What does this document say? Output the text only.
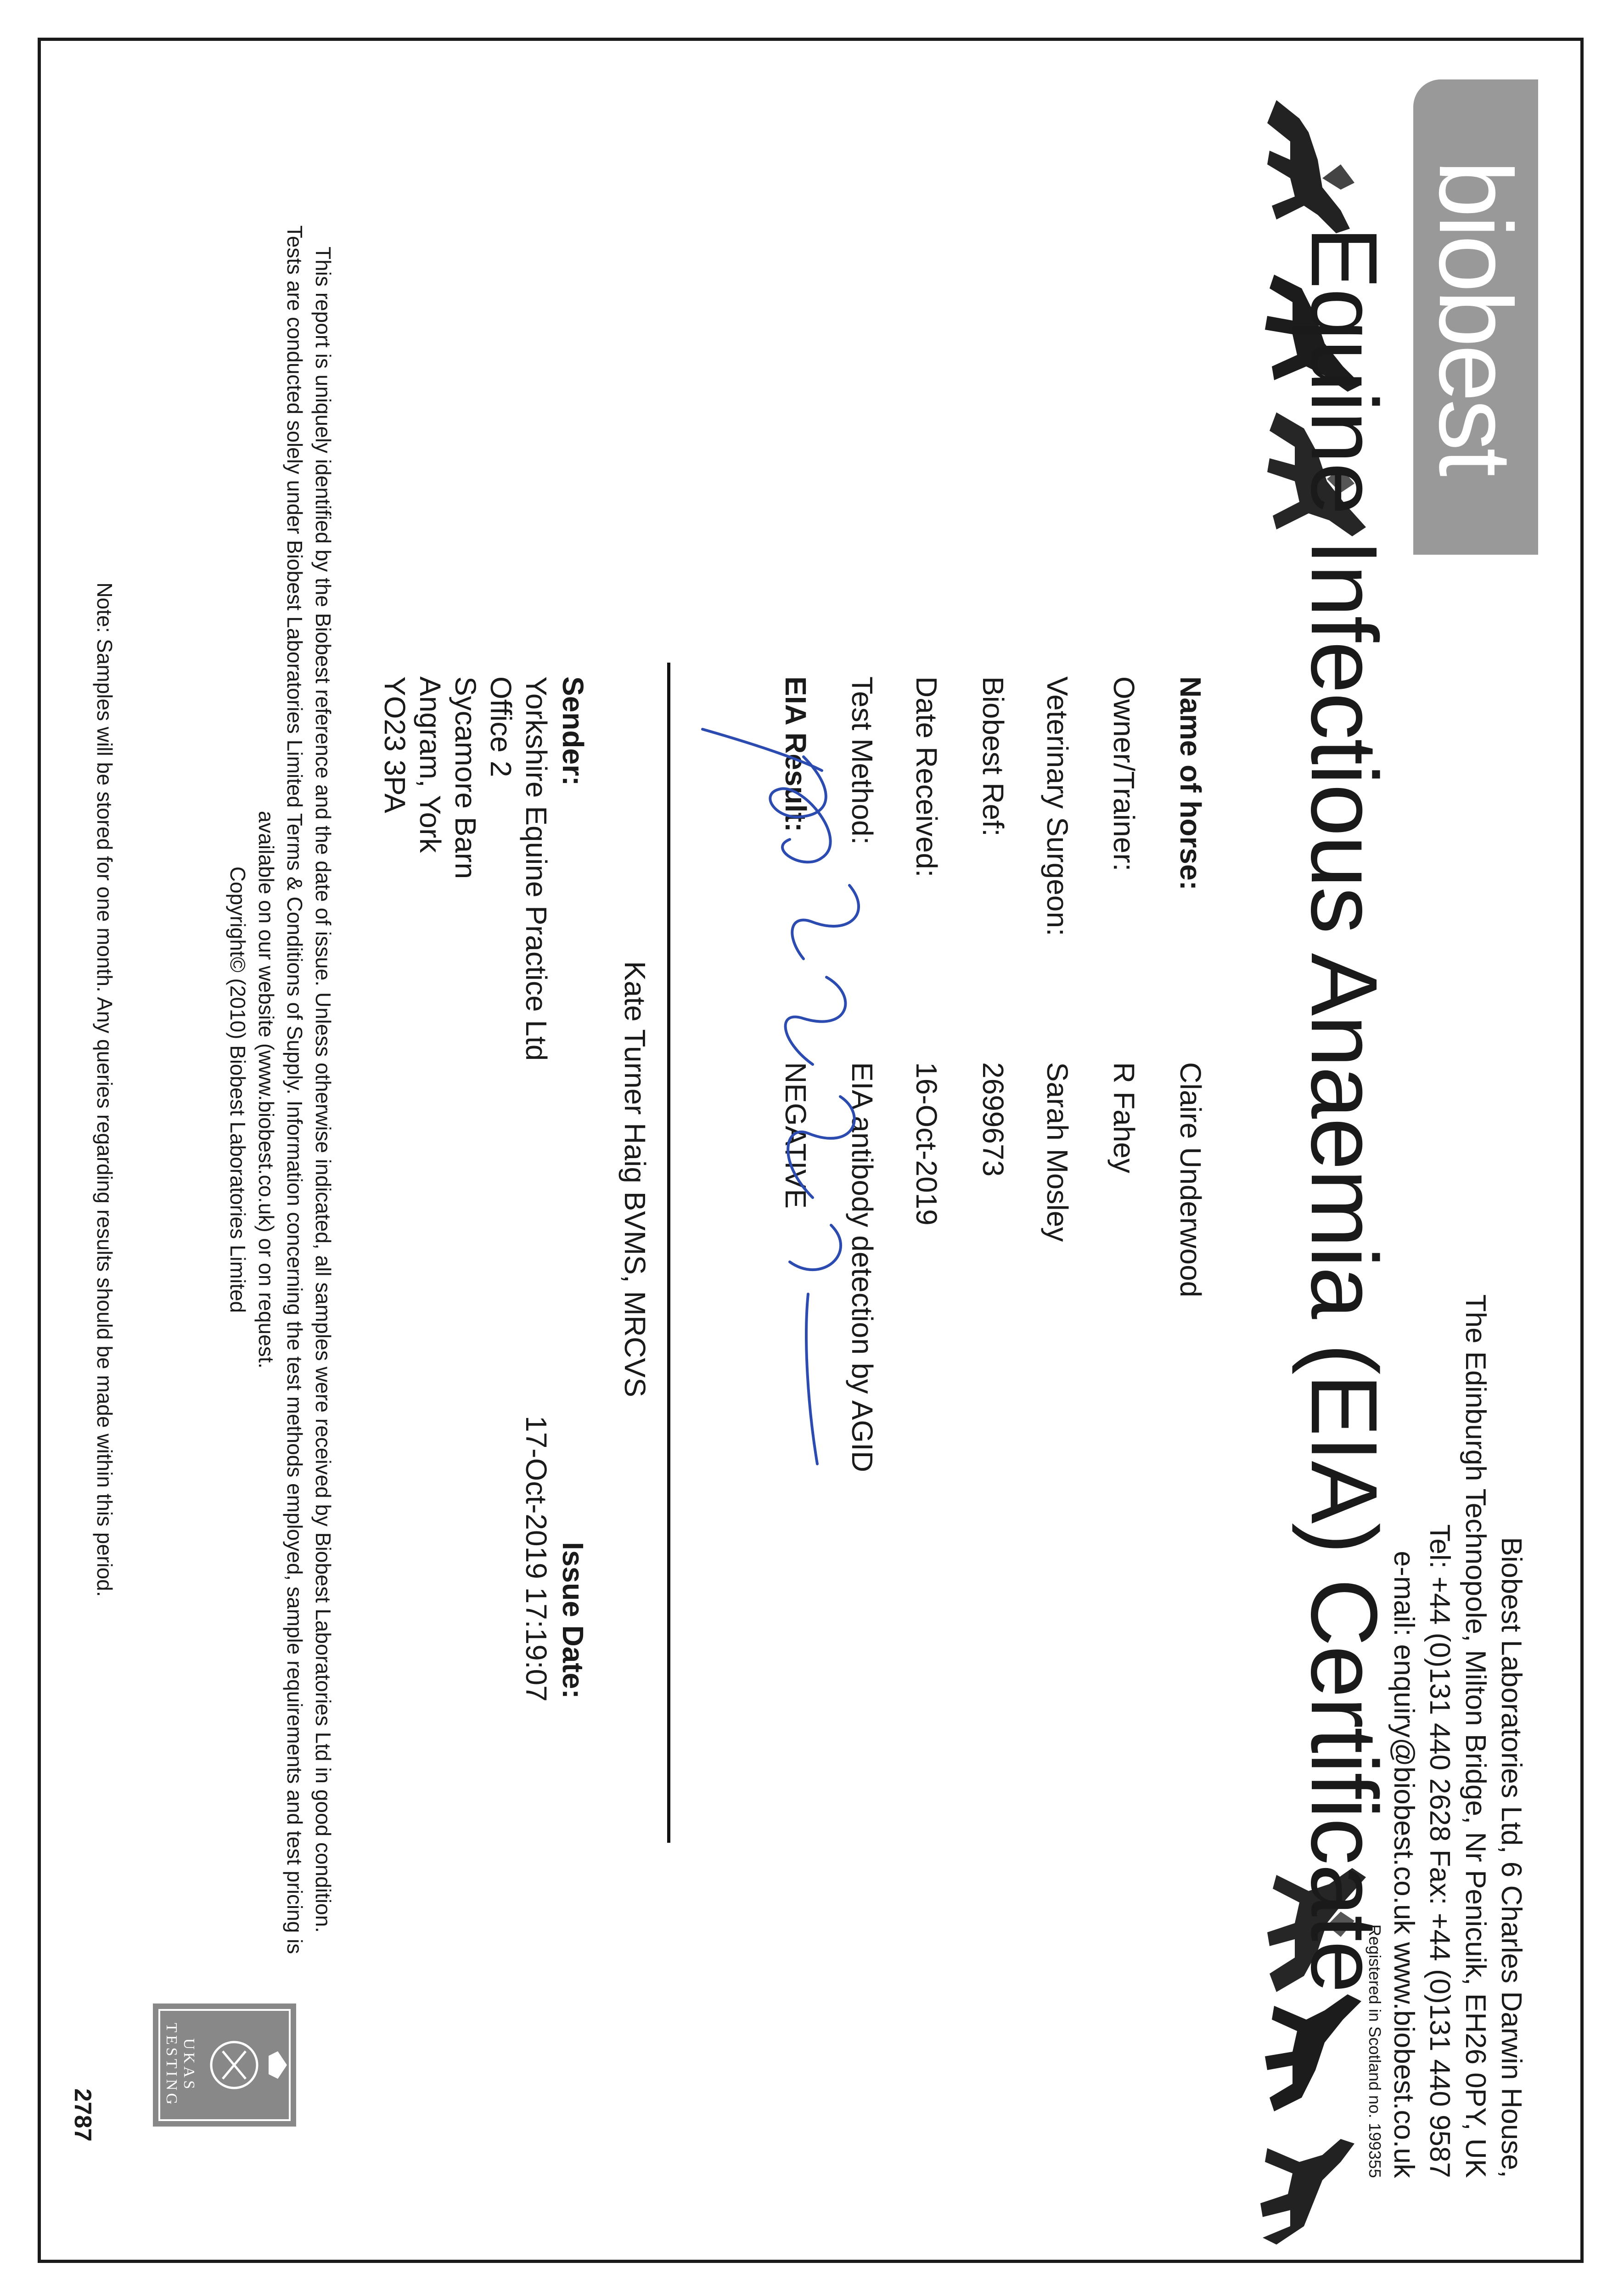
biobest
Equine Infectious Anaemia (EIA) Certificate	Biobest Laboratories Ltd, 6 Charles Darwin House,
The Edinburgh Technopole, Milton Bridge, Nr Penicuik, EH26 0PY, UK
Tel: +44 (0)131 440 2628 Fax: +44 (0)131 440 9587
e-mail: enquiry@biobest.co.uk www.biobest.co.uk
Registered in Scotland no. 199355
Name of horse:
Claire Underwood
Owner/Trainer:
R Fahey
Veterinary Surgeon:
Sarah Mosley
Biobest Ref:
2699673
Date Received:
16-Oct-2019
Test Method:
EIA antibody detection by AGID
EIA Result:
NEGATIVE
Kate Turner Haig BVMS, MRCVS
Sender:
Yorkshire Equine Practice Ltd
Office 2
Sycamore Barn
Angram, York
YO23 3PA
Issue Date:
17-Oct-2019 17:19:07
This report is uniquely identified by the Biobest reference and the date of issue. Unless otherwise indicated, all samples were received by Biobest Laboratories Ltd in good condition.
Tests are conducted solely under Biobest Laboratories Limited Terms & Conditions of Supply. Information concerning the test methods employed, sample requirements and test pricing is
available on our website (www.biobest.co.uk) or on request.
Copyright© (2010) Biobest Laboratories Limited
Note: Samples will be stored for one month. Any queries regarding results should be made within this period.
UKAS TESTING
2787
